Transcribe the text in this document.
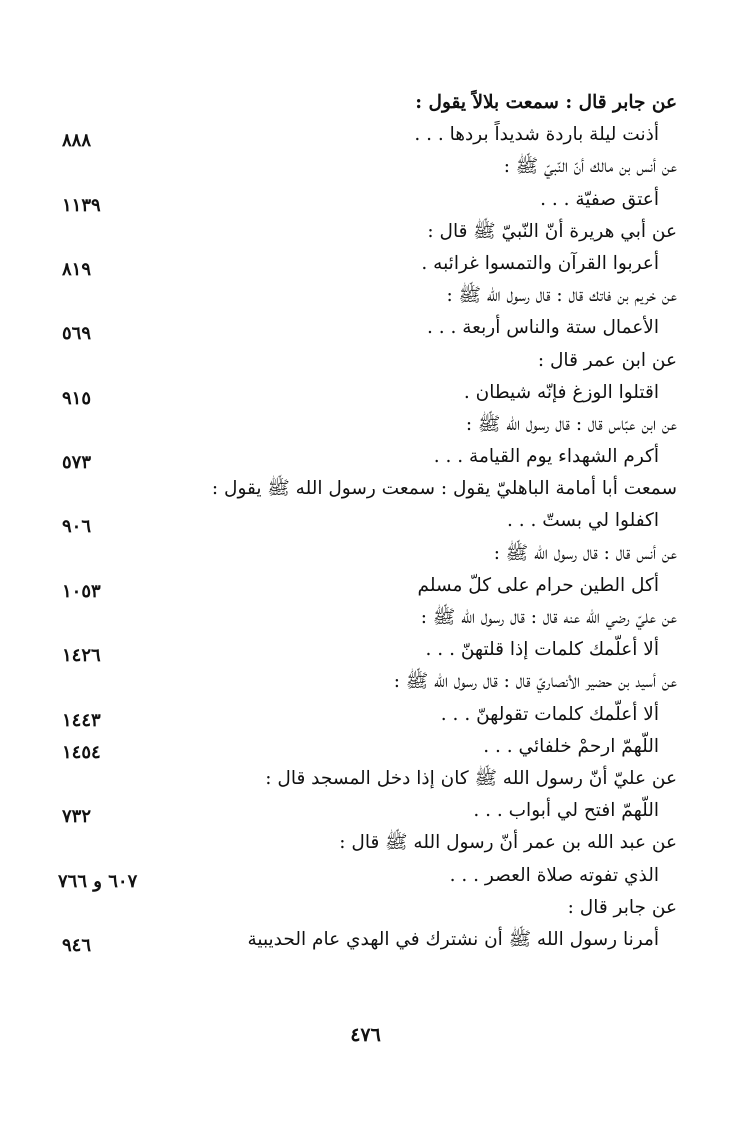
عن جابر قال : سمعت بلالاً يقول :
أذنت ليلة باردة شديداً بردها . . .
٨٨٨
عن أنس بن مالك أنّ النّبيّ ﷺ :
أعتق صفيّة . . .
١١٣٩
عن أبي هريرة أنّ النّبيّ ﷺ قال :
أعربوا القرآن والتمسوا غرائبه .
٨١٩
عن خريم بن فاتك قال : قال رسول الله ﷺ :
الأعمال ستة والناس أربعة . . .
٥٦٩
عن ابن عمر قال :
اقتلوا الوزغ فإنّه شيطان .
٩١٥
عن ابن عبّاس قال : قال رسول الله ﷺ :
أكرم الشهداء يوم القيامة . . .
٥٧٣
سمعت أبا أمامة الباهليّ يقول : سمعت رسول الله ﷺ يقول :
اكفلوا لي بستّ . . .
٩٠٦
عن أنس قال : قال رسول الله ﷺ :
أكل الطين حرام على كلّ مسلم
١٠٥٣
عن عليّ رضي الله عنه قال : قال رسول الله ﷺ :
ألا أعلّمك كلمات إذا قلتهنّ . . .
١٤٢٦
عن أسيد بن حضير الأنصاريّ قال : قال رسول الله ﷺ :
ألا أعلّمك كلمات تقولهنّ . . .
١٤٤٣
اللّهمّ ارحمْ خلفائي . . .
١٤٥٤
عن عليّ أنّ رسول الله ﷺ كان إذا دخل المسجد قال :
اللّهمّ افتح لي أبواب . . .
٧٣٢
عن عبد الله بن عمر أنّ رسول الله ﷺ قال :
الذي تفوته صلاة العصر . . .
٦٠٧ و ٧٦٦
عن جابر قال :
أمرنا رسول الله ﷺ أن نشترك في الهدي عام الحديبية
٩٤٦
٤٧٦
